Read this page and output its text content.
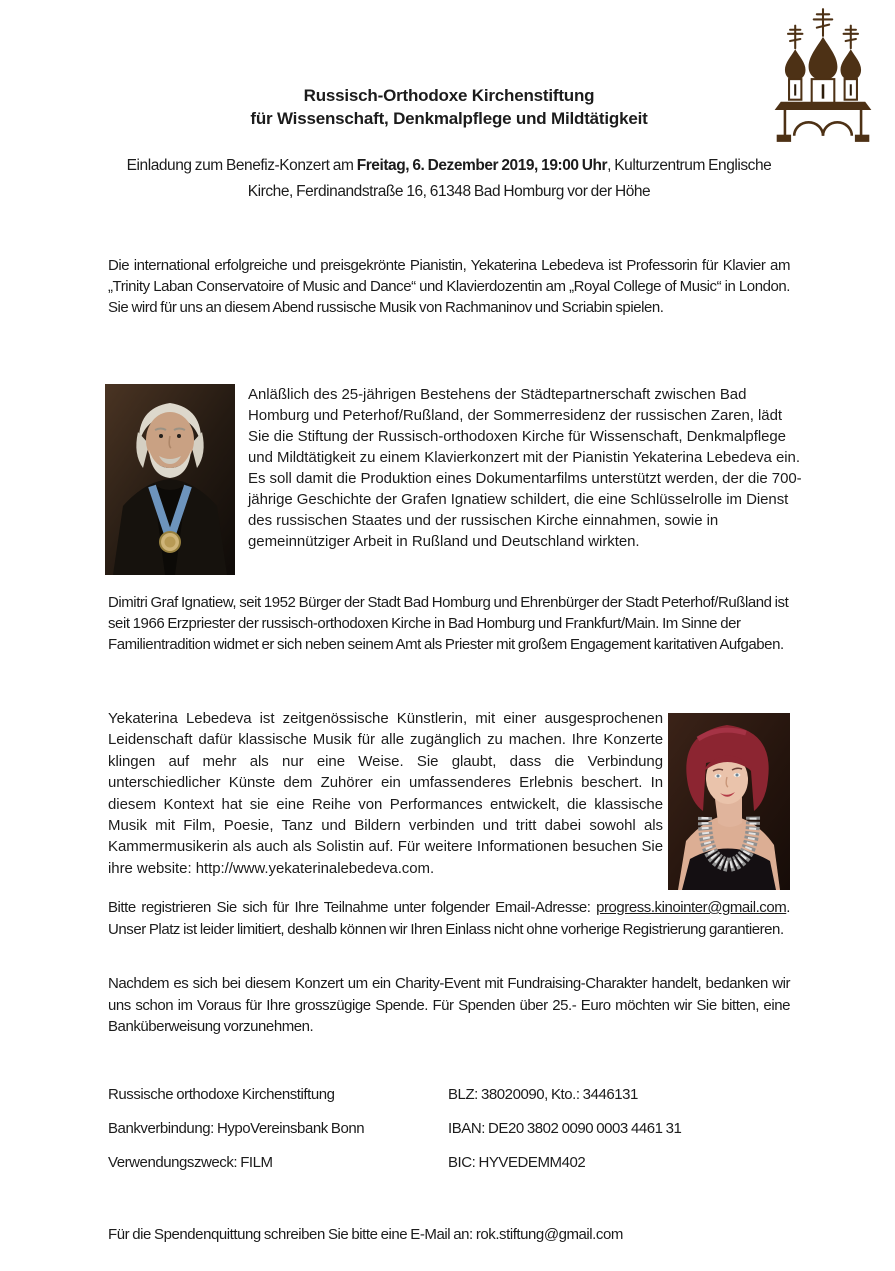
Russisch-Orthodoxe Kirchenstiftung
für Wissenschaft, Denkmalpflege und Mildtätigkeit

Einladung zum Benefiz-Konzert am Freitag, 6. Dezember 2019, 19:00 Uhr, Kulturzentrum Englische Kirche, Ferdinandstraße 16, 61348 Bad Homburg vor der Höhe

Die international erfolgreiche und preisgekrönte Pianistin, Yekaterina Lebedeva ist Professorin für Klavier am „Trinity Laban Conservatoire of Music and Dance“ und Klavierdozentin am „Royal College of Music“ in London. Sie wird für uns an diesem Abend russische Musik von Rachmaninov und Scriabin spielen.

Anläßlich des 25-jährigen Bestehens der Städtepartnerschaft zwischen Bad Homburg und Peterhof/Rußland, der Sommerresidenz der russischen Zaren, lädt Sie die Stiftung der Russisch-orthodoxen Kirche für Wissenschaft, Denkmalpflege und Mildtätigkeit zu einem Klavierkonzert mit der Pianistin Yekaterina Lebedeva ein. Es soll damit die Produktion eines Dokumentarfilms unterstützt werden, der die 700-jährige Geschichte der Grafen Ignatiew schildert, die eine Schlüsselrolle im Dienst des russischen Staates und der russischen Kirche einnahmen, sowie in gemeinnütziger Arbeit in Rußland und Deutschland wirkten.

Dimitri Graf Ignatiew, seit 1952 Bürger der Stadt Bad Homburg und Ehrenbürger der Stadt Peterhof/Rußland ist seit 1966 Erzpriester der russisch-orthodoxen Kirche in Bad Homburg und Frankfurt/Main. Im Sinne der Familientradition widmet er sich neben seinem Amt als Priester mit großem Engagement karitativen Aufgaben.

Yekaterina Lebedeva ist zeitgenössische Künstlerin, mit einer ausgesprochenen Leidenschaft dafür klassische Musik für alle zugänglich zu machen. Ihre Konzerte klingen auf mehr als nur eine Weise. Sie glaubt, dass die Verbindung unterschiedlicher Künste dem Zuhörer ein umfassenderes Erlebnis beschert. In diesem Kontext hat sie eine Reihe von Performances entwickelt, die klassische Musik mit Film, Poesie, Tanz und Bildern verbinden und tritt dabei sowohl als Kammermusikerin als auch als Solistin auf. Für weitere Informationen besuchen Sie ihre website: http://www.yekaterinalebedeva.com.

Bitte registrieren Sie sich für Ihre Teilnahme unter folgender Email-Adresse: progress.kinointer@gmail.com. Unser Platz ist leider limitiert, deshalb können wir Ihren Einlass nicht ohne vorherige Registrierung garantieren.

Nachdem es sich bei diesem Konzert um ein Charity-Event mit Fundraising-Charakter handelt, bedanken wir uns schon im Voraus für Ihre grosszügige Spende. Für Spenden über 25.- Euro möchten wir Sie bitten, eine Banküberweisung vorzunehmen.

Russische orthodoxe Kirchenstiftung	BLZ: 38020090, Kto.: 3446131
Bankverbindung: HypoVereinsbank Bonn	IBAN: DE20 3802 0090 0003 4461 31
Verwendungszweck: FILM	BIC: HYVEDEMM402

Für die Spendenquittung schreiben Sie bitte eine E-Mail an: rok.stiftung@gmail.com
